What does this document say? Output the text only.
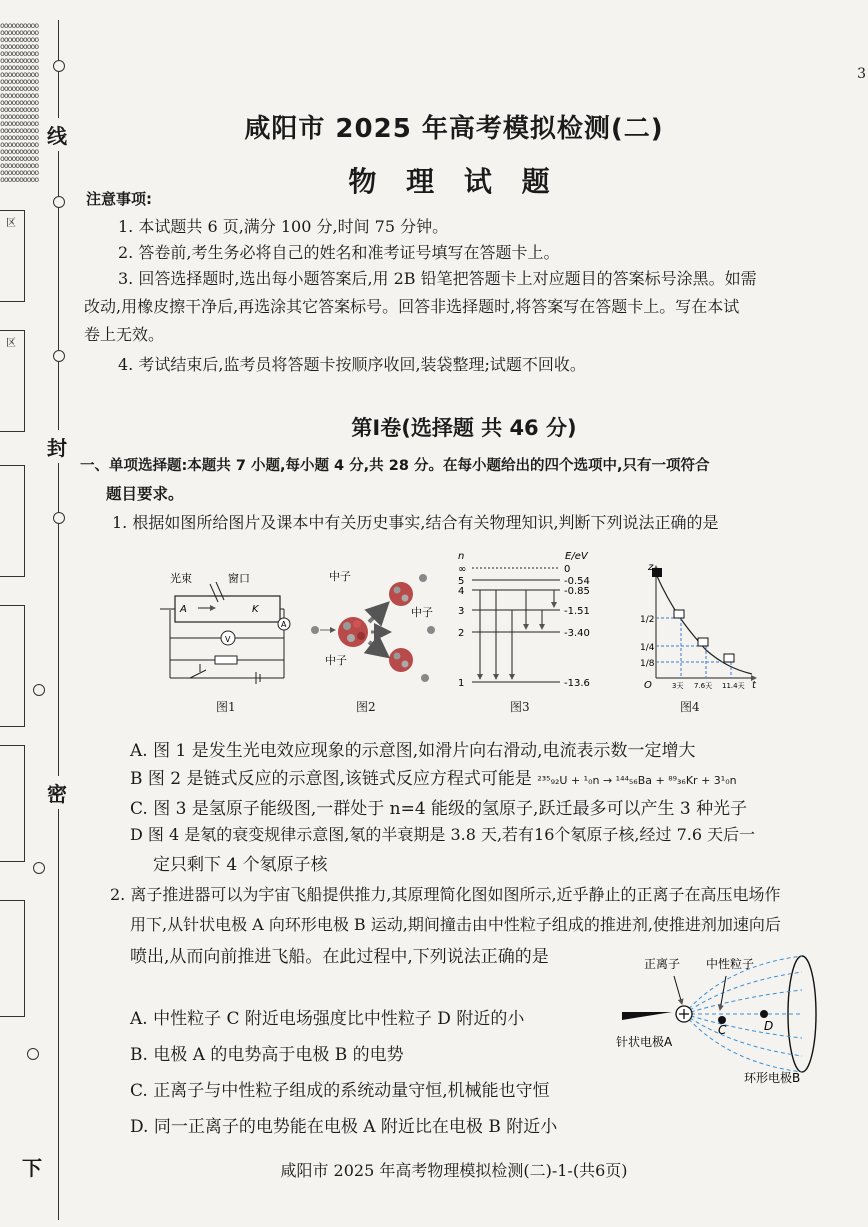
oooooooooo
oooooooooo
oooooooooo
oooooooooo
oooooooooo
oooooooooo
oooooooooo
oooooooooo
oooooooooo
oooooooooo
oooooooooo
oooooooooo
oooooooooo
oooooooooo
oooooooooo
oooooooooo
oooooooooo
oooooooooo
oooooooooo
oooooooooo
oooooooooo
oooooooooo
oooooooooo
线
封
密
下
区
区
3
咸阳市 2025 年高考模拟检测(二)
物 理 试 题
注意事项:
1. 本试题共 6 页,满分 100 分,时间 75 分钟。
2. 答卷前,考生务必将自己的姓名和准考证号填写在答题卡上。
3. 回答选择题时,选出每小题答案后,用 2B 铅笔把答题卡上对应题目的答案标号涂黑。如需
改动,用橡皮擦干净后,再选涂其它答案标号。回答非选择题时,将答案写在答题卡上。写在本试
卷上无效。
4. 考试结束后,监考员将答题卡按顺序收回,装袋整理;试题不回收。
第Ⅰ卷(选择题 共 46 分)
一、单项选择题:本题共 7 小题,每小题 4 分,共 28 分。在每小题给出的四个选项中,只有一项符合
题目要求。
1. 根据如图所给图片及课本中有关历史事实,结合有关物理知识,判断下列说法正确的是
A	K
V
A
光束	窗口
图1
中子
中子
中子
图2
n	E/eV
∞	0
5	-0.54
4	-0.85
3	-1.51
2	-3.40
1	-13.6
图3
z
t
O
1/2
1/4
1/8
3天 7.6天 11.4天
图4
A. 图 1 是发生光电效应现象的示意图,如滑片向右滑动,电流表示数一定增大
B 图 2 是链式反应的示意图,该链式反应方程式可能是 ²³⁵₉₂U + ¹₀n → ¹⁴⁴₅₆Ba + ⁸⁹₃₆Kr + 3¹₀n
C. 图 3 是氢原子能级图,一群处于 n=4 能级的氢原子,跃迁最多可以产生 3 种光子
D 图 4 是氡的衰变规律示意图,氡的半衰期是 3.8 天,若有16个氡原子核,经过 7.6 天后一
定只剩下 4 个氡原子核
2. 离子推进器可以为宇宙飞船提供推力,其原理简化图如图所示,近乎静止的正离子在高压电场作
用下,从针状电极 A 向环形电极 B 运动,期间撞击由中性粒子组成的推进剂,使推进剂加速向后
喷出,从而向前推进飞船。在此过程中,下列说法正确的是	正离子 中性粒子
C	D
针状电极A
环形电极B
A. 中性粒子 C 附近电场强度比中性粒子 D 附近的小
B. 电极 A 的电势高于电极 B 的电势
C. 正离子与中性粒子组成的系统动量守恒,机械能也守恒
D. 同一正离子的电势能在电极 A 附近比在电极 B 附近小
咸阳市 2025 年高考物理模拟检测(二)-1-(共6页)
